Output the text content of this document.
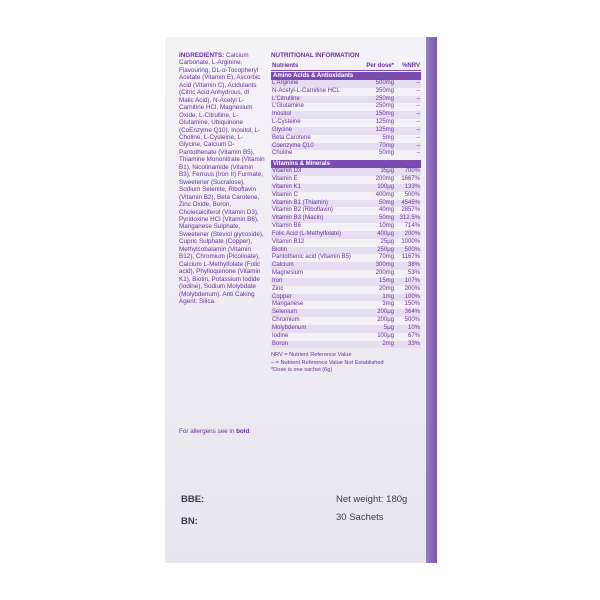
INGREDIENTS: Calcium Carbonate, L-Arginine, Flavouring, DL-α-Tocopheryl Acetate (Vitamin E), Ascorbic Acid (Vitamin C), Acidulants (Citric Acid Anhydrous, dl Malic Acid), N-Acetyl L-Carnitine HCl, Magnesium Oxide, L-Citrulline, L-Glutamine, Ubiquinone (CoEnzyme Q10), Inositol, L-Choline, L-Cysteine, L-Glycine, Calcium D-Pantothenate (Vitamin B5), Thiamine Mononitrate (Vitamin B1), Nicotinamide (Vitamin B3), Ferrous (Iron II) Furmate, Sweetener (Sucralose), Sodium Selenite, Riboflavin (Vitamin B2), Beta Carotene, Zinc Oxide, Boron, Cholecalciferol (Vitamin D3), Pyridoxine HCl (Vitamin B6), Manganese Sulphate, Sweetener (Steviol glycoside), Cupric Sulphate (Copper), Methylcobalamin (Vitamin B12), Chromium (Picolinate), Calcium L-Methylfolate (Folic acid), Phylloquinone (Vitamin K1), Biotin, Potassium Iodide (Iodine), Sodium Molybdate (Molybdenum). Anti Caking Agent: Silica.
For allergens see in bold.
NUTRITIONAL INFORMATION
Nutrients	Per dose*	%NRV
Amino Acids & Antioxidants
L'Arginine	500mg	–
N-Acetyl-L-Carnitine HCL	350mg	–
L'Citrulline	250mg	–
L'Glutamine	250mg	–
Inositol	150mg	–
L-Cysteine	125mg	–
Glycine	125mg	–
Beta Carotene	5mg	–
Coenzyme Q10	70mg	–
Choline	50mg	–
Vitamins & Minerals
Vitamin D3	35μg	700%
Vitamin E	200mg	1667%
Vitamin K1	100μg	133%
Vitamin C	400mg	500%
Vitamin B1 (Thiamin)	50mg	4545%
Vitamin B2 (Riboflavin)	40mg	2857%
Vitamin B3 (Niacin)	50mg 312.5%
Vitamin B6	10mg	714%
Folic Acid (L-Methylfolate)	400μg	200%
Vitamin B12	25μg	1000%
Biotin	250μg	500%
Pantothenic acid (Vitamin B5)	70mg	1167%
Calcium	300mg	38%
Magnesium	200mg	53%
Iron	15mg	107%
Zinc	20mg	200%
Copper	1mg	100%
Manganese	3mg	150%
Selenium	200μg	364%
Chromium	200μg	500%
Molybdenum	5μg	10%
Iodine	100μg	67%
Boron	2mg	33%
NRV = Nutrient Reference Value
– = Nutrient Reference Value Not Established
*Dose is one sachet (6g)
BBE:
BN:
Net weight: 180g
30 Sachets
